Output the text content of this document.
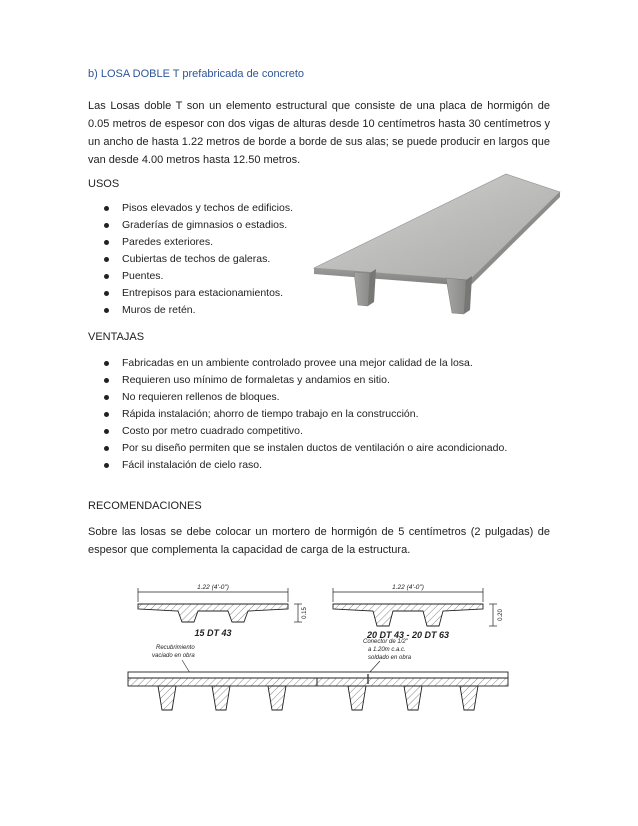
b) LOSA DOBLE T prefabricada de concreto
Las Losas doble T son un elemento estructural que consiste de una placa de hormigón de 0.05 metros de espesor con dos vigas de alturas desde 10 centímetros hasta 30 centímetros y un ancho de hasta 1.22 metros de borde a borde de sus alas; se puede producir en largos que van desde 4.00 metros hasta 12.50 metros.
USOS
Pisos elevados y techos de edificios.
Graderías de gimnasios o estadios.
Paredes exteriores.
Cubiertas de techos de galeras.
Puentes.
Entrepisos para estacionamientos.
Muros de retén.
VENTAJAS
Fabricadas en un ambiente controlado provee una mejor calidad de la losa.
Requieren uso mínimo de formaletas y andamios en sitio.
No requieren rellenos de bloques.
Rápida instalación; ahorro de tiempo trabajo en la construcción.
Costo por metro cuadrado competitivo.
Por su diseño permiten que se instalen ductos de ventilación o aire acondicionado.
Fácil instalación de cielo raso.
RECOMENDACIONES
Sobre las losas se debe colocar un mortero de hormigón de 5 centímetros (2 pulgadas) de espesor que complementa la capacidad de carga de la estructura.
1.22 (4'-0")
0.15
15 DT 43
1.22 (4'-0")
0.20
20 DT 43 - 20 DT 63
Recubrimiento
vaciado en obra
Conector de 1/2"
a 1.20m c.a.c.
soldado en obra
